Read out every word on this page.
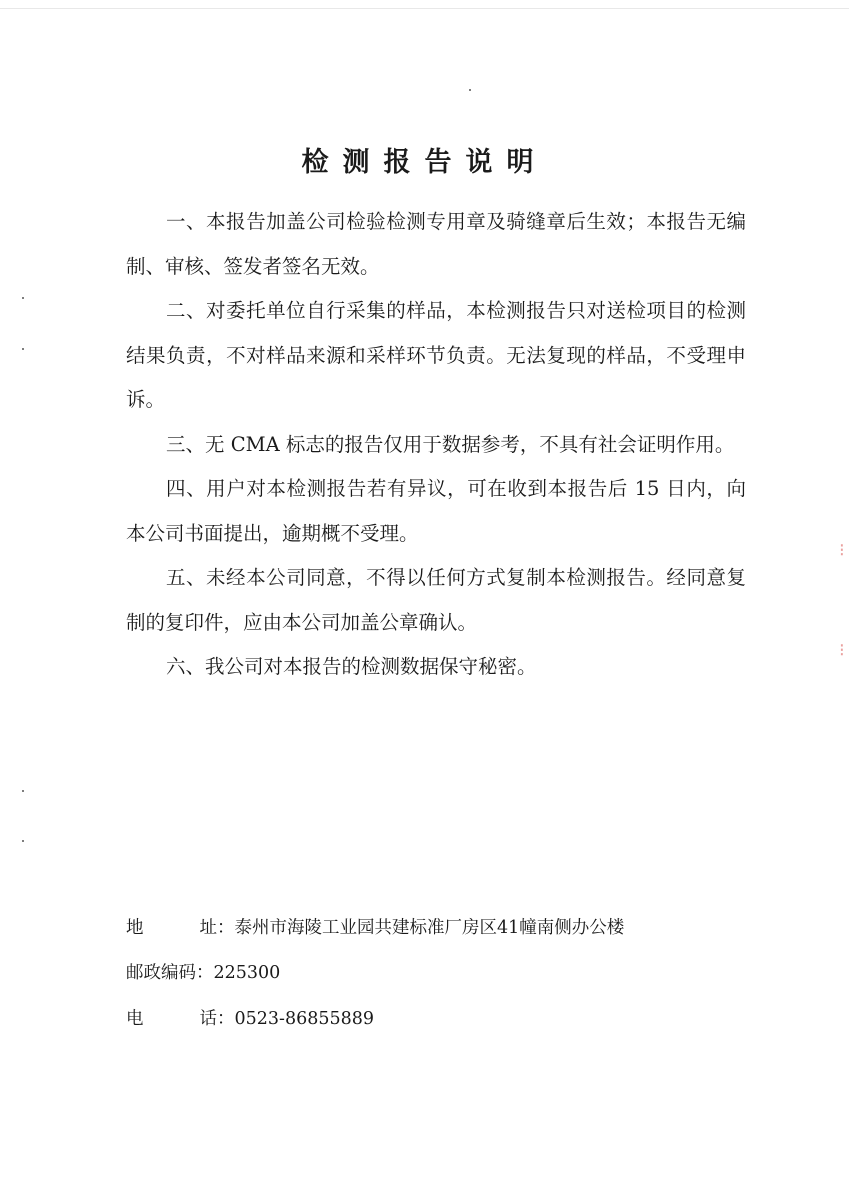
检测报告说明

一、本报告加盖公司检验检测专用章及骑缝章后生效；本报告无编制、审核、签发者签名无效。

二、对委托单位自行采集的样品，本检测报告只对送检项目的检测结果负责，不对样品来源和采样环节负责。无法复现的样品，不受理申诉。

三、无 CMA 标志的报告仅用于数据参考，不具有社会证明作用。

四、用户对本检测报告若有异议，可在收到本报告后 15 日内，向本公司书面提出，逾期概不受理。

五、未经本公司同意，不得以任何方式复制本检测报告。经同意复制的复印件，应由本公司加盖公章确认。

六、我公司对本报告的检测数据保守秘密。

地	址：泰州市海陵工业园共建标准厂房区41幢南侧办公楼
邮政编码：225300
电	话：0523-86855889
⁝
⁝
